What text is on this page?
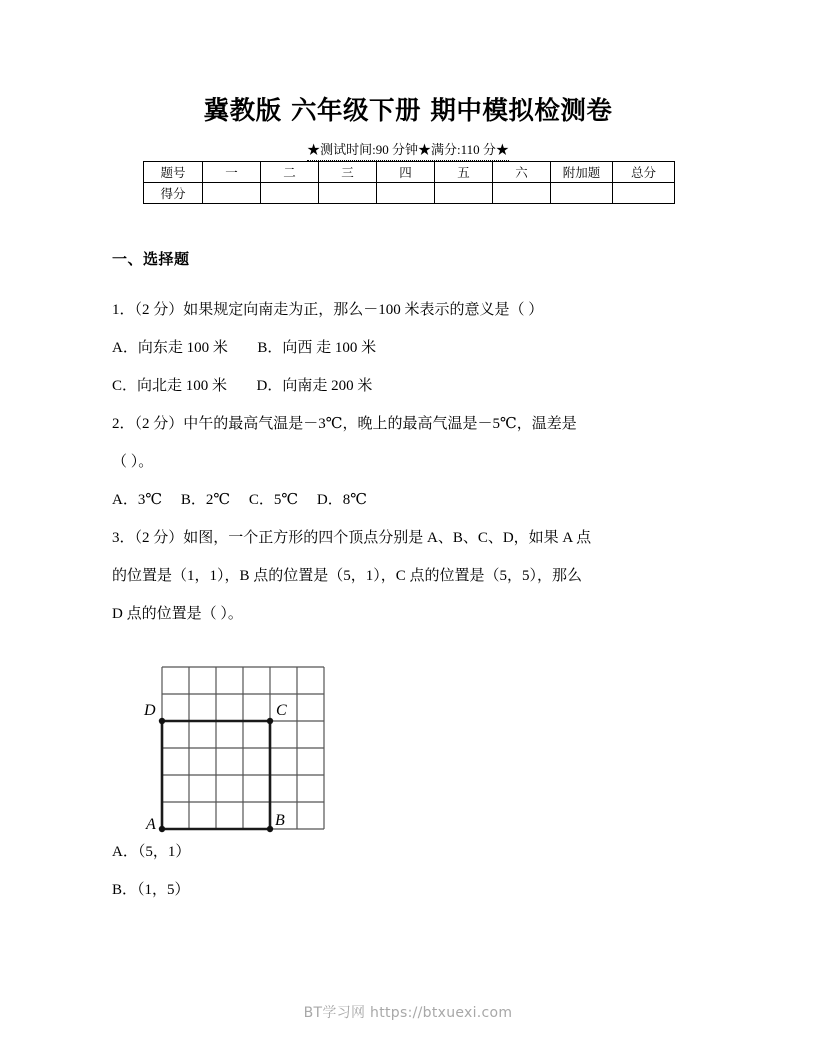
冀教版 六年级下册 期中模拟检测卷
★测试时间:90 分钟★满分:110 分★
题号	一	二	三	四	五	六	附加题	总分
得分								
一、选择题
1．（2 分）如果规定向南走为正，那么－100 米表示的意义是（ ）
A．向东走 100 米 B．向西 走 100 米
C．向北走 100 米 D．向南走 200 米
2．（2 分）中午的最高气温是－3℃，晚上的最高气温是－5℃，温差是
（ ）。
A．3℃　 B．2℃　 C．5℃　 D．8℃
3．（2 分）如图，一个正方形的四个顶点分别是 A、B、C、D，如果 A 点
的位置是（1，1），B 点的位置是（5，1），C 点的位置是（5，5），那么
D 点的位置是（ ）。
A	B
C
D
A．（5，1）
B．（1，5）
BT学习网 https://btxuexi.com
